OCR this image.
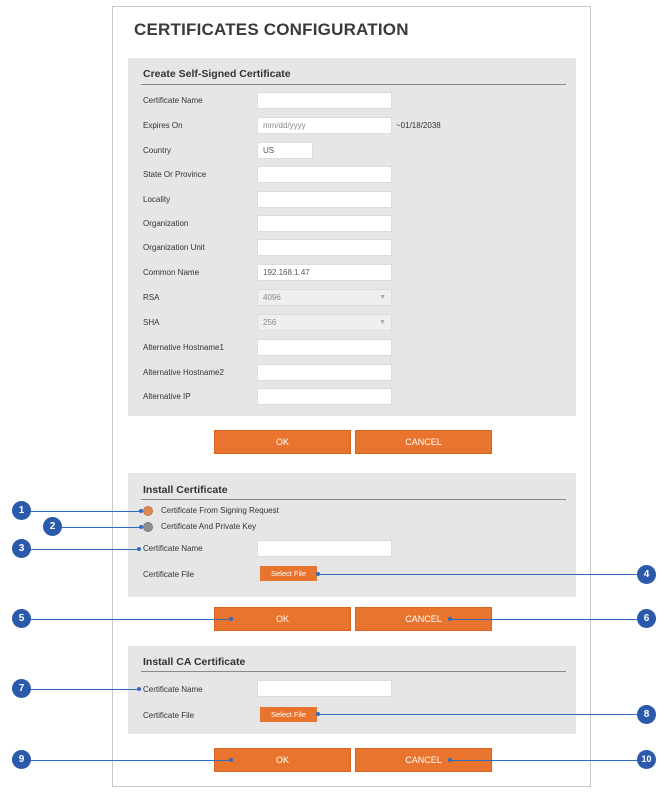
CERTIFICATES CONFIGURATION
Create Self-Signed Certificate
Certificate Name
Expires On	mm/dd/yyyy	~01/18/2038
Country	US
State Or Province
Locality
Organization
Organization Unit
Common Name	192.168.1.47
RSA	4096	▼
SHA	256	▼
Alternative Hostname1
Alternative Hostname2
Alternative IP
OK	CANCEL
Install Certificate
Certificate From Signing Request
Certificate And Private Key
Certificate Name
Certificate File	Select File
OK	CANCEL
Install CA Certificate
Certificate Name
Certificate File	Select File
OK	CANCEL
1
2
3
4
5	6
7
8
9	10
